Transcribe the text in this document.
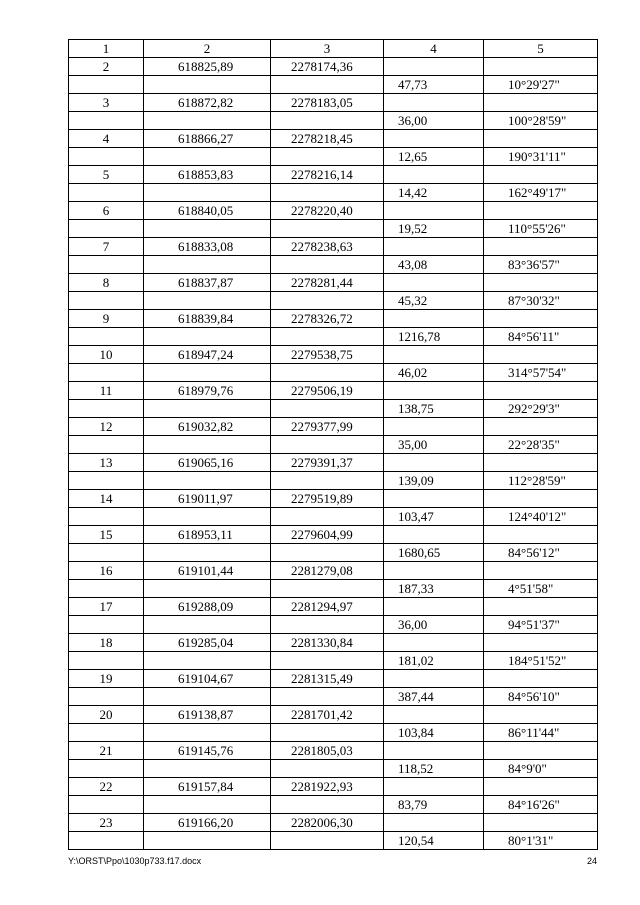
1	2	3	4	5
2	618825,89	2278174,36		
			47,73	10°29'27"
3	618872,82	2278183,05		
			36,00	100°28'59"
4	618866,27	2278218,45		
			12,65	190°31'11"
5	618853,83	2278216,14		
			14,42	162°49'17"
6	618840,05	2278220,40		
			19,52	110°55'26"
7	618833,08	2278238,63		
			43,08	83°36'57"
8	618837,87	2278281,44		
			45,32	87°30'32"
9	618839,84	2278326,72		
			1216,78	84°56'11"
10	618947,24	2279538,75		
			46,02	314°57'54"
11	618979,76	2279506,19		
			138,75	292°29'3"
12	619032,82	2279377,99		
			35,00	22°28'35"
13	619065,16	2279391,37		
			139,09	112°28'59"
14	619011,97	2279519,89		
			103,47	124°40'12"
15	618953,11	2279604,99		
			1680,65	84°56'12"
16	619101,44	2281279,08		
			187,33	4°51'58"
17	619288,09	2281294,97		
			36,00	94°51'37"
18	619285,04	2281330,84		
			181,02	184°51'52"
19	619104,67	2281315,49		
			387,44	84°56'10"
20	619138,87	2281701,42		
			103,84	86°11'44"
21	619145,76	2281805,03		
			118,52	84°9'0"
22	619157,84	2281922,93		
			83,79	84°16'26"
23	619166,20	2282006,30		
			120,54	80°1'31"
Y:\ORST\Ppo\1030p733.f17.docx	24
